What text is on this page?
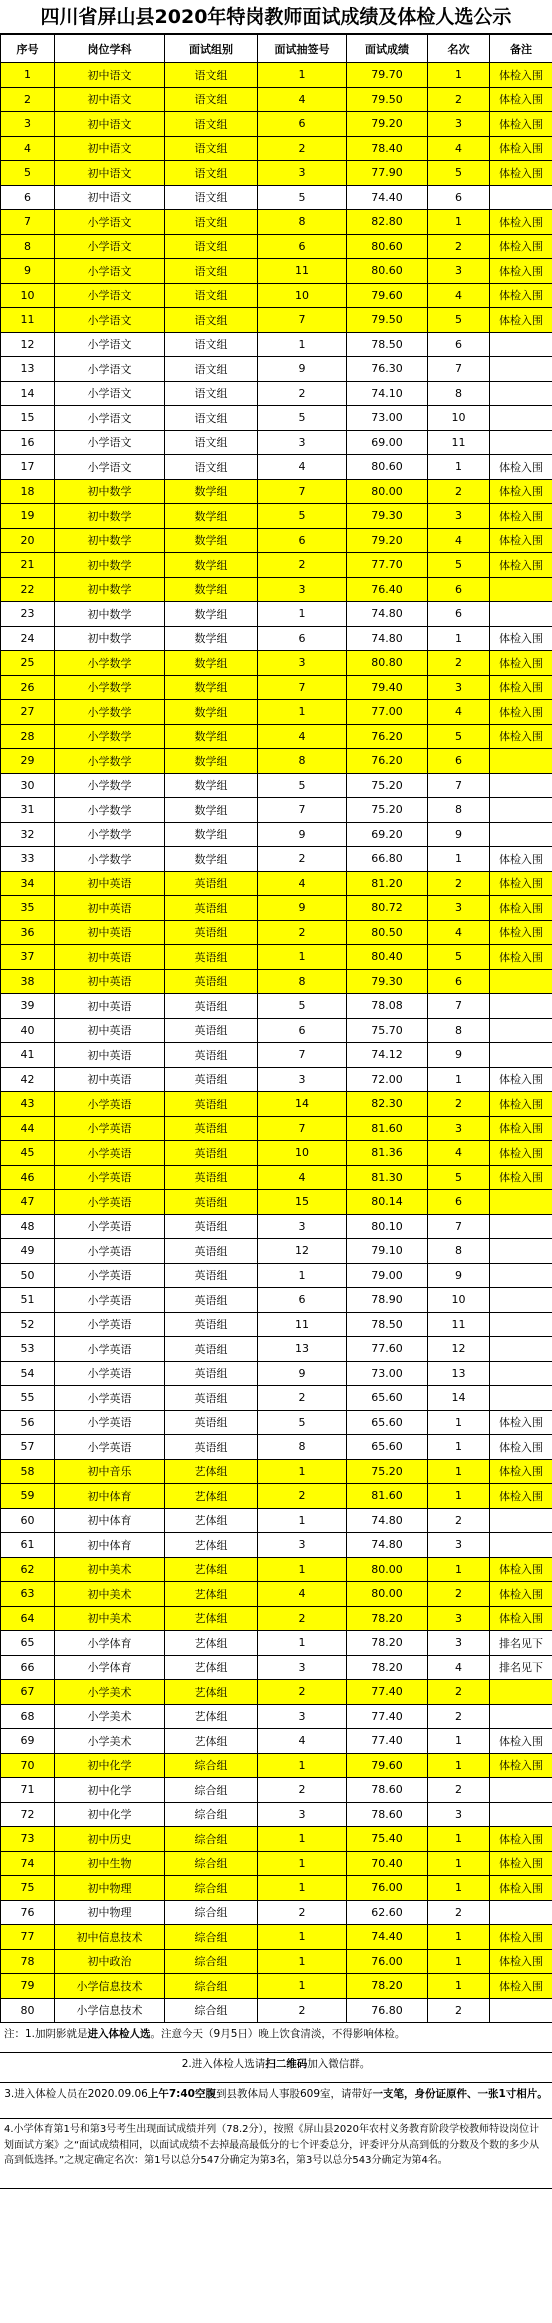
四川省屏山县2020年特岗教师面试成绩及体检人选公示
序号	岗位学科	面试组别	面试抽签号	面试成绩	名次	备注
1	初中语文	语文组	1	79.70	1	体检入围
2	初中语文	语文组	4	79.50	2	体检入围
3	初中语文	语文组	6	79.20	3	体检入围
4	初中语文	语文组	2	78.40	4	体检入围
5	初中语文	语文组	3	77.90	5	体检入围
6	初中语文	语文组	5	74.40	6	
7	小学语文	语文组	8	82.80	1	体检入围
8	小学语文	语文组	6	80.60	2	体检入围
9	小学语文	语文组	11	80.60	3	体检入围
10	小学语文	语文组	10	79.60	4	体检入围
11	小学语文	语文组	7	79.50	5	体检入围
12	小学语文	语文组	1	78.50	6	
13	小学语文	语文组	9	76.30	7	
14	小学语文	语文组	2	74.10	8	
15	小学语文	语文组	5	73.00	10	
16	小学语文	语文组	3	69.00	11	
17	小学语文	语文组	4	80.60	1	体检入围
18	初中数学	数学组	7	80.00	2	体检入围
19	初中数学	数学组	5	79.30	3	体检入围
20	初中数学	数学组	6	79.20	4	体检入围
21	初中数学	数学组	2	77.70	5	体检入围
22	初中数学	数学组	3	76.40	6	
23	初中数学	数学组	1	74.80	6	
24	初中数学	数学组	6	74.80	1	体检入围
25	小学数学	数学组	3	80.80	2	体检入围
26	小学数学	数学组	7	79.40	3	体检入围
27	小学数学	数学组	1	77.00	4	体检入围
28	小学数学	数学组	4	76.20	5	体检入围
29	小学数学	数学组	8	76.20	6	
30	小学数学	数学组	5	75.20	7	
31	小学数学	数学组	7	75.20	8	
32	小学数学	数学组	9	69.20	9	
33	小学数学	数学组	2	66.80	1	体检入围
34	初中英语	英语组	4	81.20	2	体检入围
35	初中英语	英语组	9	80.72	3	体检入围
36	初中英语	英语组	2	80.50	4	体检入围
37	初中英语	英语组	1	80.40	5	体检入围
38	初中英语	英语组	8	79.30	6	
39	初中英语	英语组	5	78.08	7	
40	初中英语	英语组	6	75.70	8	
41	初中英语	英语组	7	74.12	9	
42	初中英语	英语组	3	72.00	1	体检入围
43	小学英语	英语组	14	82.30	2	体检入围
44	小学英语	英语组	7	81.60	3	体检入围
45	小学英语	英语组	10	81.36	4	体检入围
46	小学英语	英语组	4	81.30	5	体检入围
47	小学英语	英语组	15	80.14	6	
48	小学英语	英语组	3	80.10	7	
49	小学英语	英语组	12	79.10	8	
50	小学英语	英语组	1	79.00	9	
51	小学英语	英语组	6	78.90	10	
52	小学英语	英语组	11	78.50	11	
53	小学英语	英语组	13	77.60	12	
54	小学英语	英语组	9	73.00	13	
55	小学英语	英语组	2	65.60	14	
56	小学英语	英语组	5	65.60	1	体检入围
57	小学英语	英语组	8	65.60	1	体检入围
58	初中音乐	艺体组	1	75.20	1	体检入围
59	初中体育	艺体组	2	81.60	1	体检入围
60	初中体育	艺体组	1	74.80	2	
61	初中体育	艺体组	3	74.80	3	
62	初中美术	艺体组	1	80.00	1	体检入围
63	初中美术	艺体组	4	80.00	2	体检入围
64	初中美术	艺体组	2	78.20	3	体检入围
65	小学体育	艺体组	1	78.20	3	排名见下
66	小学体育	艺体组	3	78.20	4	排名见下
67	小学美术	艺体组	2	77.40	2	
68	小学美术	艺体组	3	77.40	2	
69	小学美术	艺体组	4	77.40	1	体检入围
70	初中化学	综合组	1	79.60	1	体检入围
71	初中化学	综合组	2	78.60	2	
72	初中化学	综合组	3	78.60	3	
73	初中历史	综合组	1	75.40	1	体检入围
74	初中生物	综合组	1	70.40	1	体检入围
75	初中物理	综合组	1	76.00	1	体检入围
76	初中物理	综合组	2	62.60	2	
77	初中信息技术	综合组	1	74.40	1	体检入围
78	初中政治	综合组	1	76.00	1	体检入围
79	小学信息技术	综合组	1	78.20	1	体检入围
80	小学信息技术	综合组	2	76.80	2	
注：1.加阴影就是进入体检人选。注意今天（9月5日）晚上饮食清淡，不得影响体检。
2.进入体检人选请扫二维码加入微信群。
3.进入体检人员在2020.09.06上午7:40空腹到县教体局人事股609室，请带好一支笔，身份证原件、一张1寸相片。
4.小学体育第1号和第3号考生出现面试成绩并列（78.2分），按照《屏山县2020年农村义务教育阶段学校教师特设岗位计划面试方案》之“面试成绩相同，以面试成绩不去掉最高最低分的七个评委总分，评委评分从高到低的分数及个数的多少从高到低选择。”之规定确定名次：第1号以总分547分确定为第3名，第3号以总分543分确定为第4名。
